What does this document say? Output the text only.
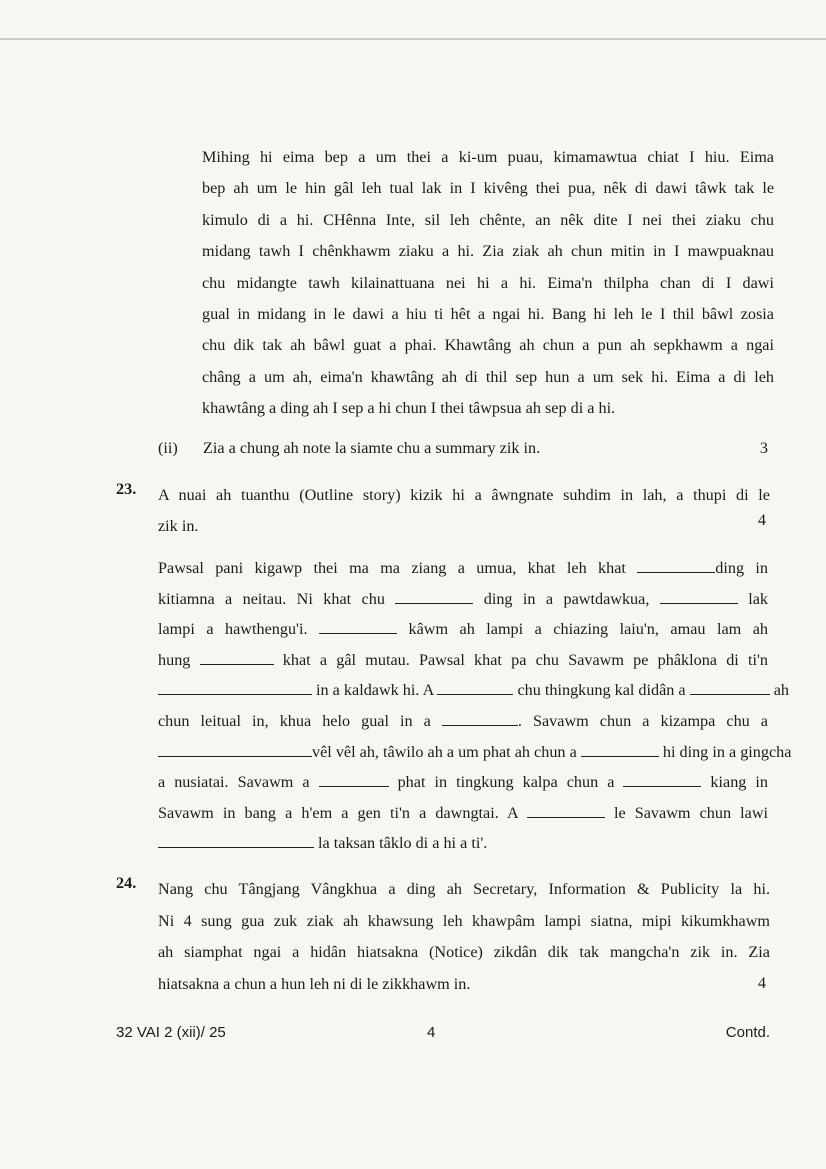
Mihing hi eima bep a um thei a ki-um puau, kimamawtua chiat I hiu. Eima
bep ah um le hin gâl leh tual lak in I kivêng thei pua, nêk di dawi tâwk tak le
kimulo di a hi. CHênna Inte, sil leh chênte, an nêk dite I nei thei ziaku chu
midang tawh I chênkhawm ziaku a hi. Zia ziak ah chun mitin in I mawpuaknau
chu midangte tawh kilainattuana nei hi a hi. Eima'n thilpha chan di I dawi
gual in midang in le dawi a hiu ti hêt a ngai hi. Bang hi leh le I thil bâwl zosia
chu dik tak ah bâwl guat a phai. Khawtâng ah chun a pun ah sepkhawm a ngai
châng a um ah, eima'n khawtâng ah di thil sep hun a um sek hi. Eima a di leh
khawtâng a ding ah I sep a hi chun I thei tâwpsua ah sep di a hi.
(ii) Zia a chung ah note la siamte chu a summary zik in.	3
23. A nuai ah tuanthu (Outline story) kizik hi a âwngnate suhdim in lah, a thupi di le
zik in.	4
Pawsal pani kigawp thei ma ma ziang a umua, khat leh khat	ding in
kitiamna a neitau. Ni khat chu	ding in a pawtdawkua,	lak
lampi a hawthengu'i.	kâwm ah lampi a chiazing laiu'n, amau lam ah
hung	khat a gâl mutau. Pawsal khat pa chu Savawm pe phâklona di ti'n
in a kaldawk hi. A	chu thingkung kal didân a	ah
chun leitual in, khua helo gual in a	. Savawm chun a kizampa chu a
vêl vêl ah, tâwilo ah a um phat ah chun a	hi ding in a gingcha
a nusiatai. Savawm a	phat in tingkung kalpa chun a	kiang in
Savawm in bang a h'em a gen ti'n a dawngtai. A	le Savawm chun lawi
la taksan tâklo di a hi a ti'.
24. Nang chu Tângjang Vângkhua a ding ah Secretary, Information & Publicity la hi.
Ni 4 sung gua zuk ziak ah khawsung leh khawpâm lampi siatna, mipi kikumkhawm
ah siamphat ngai a hidân hiatsakna (Notice) zikdân dik tak mangcha'n zik in. Zia
hiatsakna a chun a hun leh ni di le zikkhawm in.	4
32 VAI 2 (xii)/ 25	4	Contd.
